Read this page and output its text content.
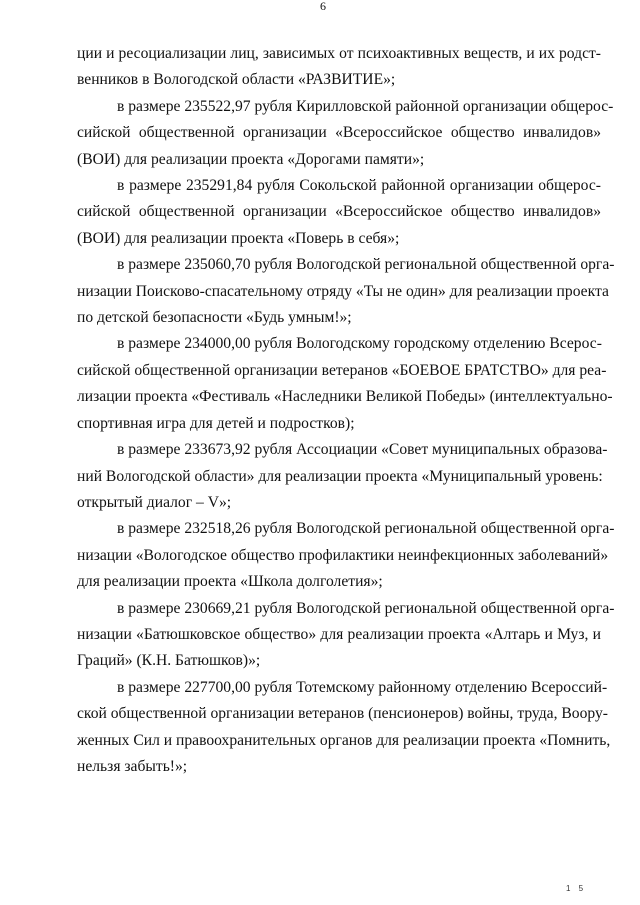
6

ции и ресоциализации лиц, зависимых от психоактивных веществ, и их родст-
венников в Вологодской области «РАЗВИТИЕ»;

в размере 235522,97 рубля Кирилловской районной организации общерос-
сийской общественной организации «Всероссийское общество инвалидов»
(ВОИ) для реализации проекта «Дорогами памяти»;

в размере 235291,84 рубля Сокольской районной организации общерос-
сийской общественной организации «Всероссийское общество инвалидов»
(ВОИ) для реализации проекта «Поверь в себя»;

в размере 235060,70 рубля Вологодской региональной общественной орга-
низации Поисково-спасательному отряду «Ты не один» для реализации проекта
по детской безопасности «Будь умным!»;

в размере 234000,00 рубля Вологодскому городскому отделению Всерос-
сийской общественной организации ветеранов «БОЕВОЕ БРАТСТВО» для реа-
лизации проекта «Фестиваль «Наследники Великой Победы» (интеллектуально-
спортивная игра для детей и подростков);

в размере 233673,92 рубля Ассоциации «Совет муниципальных образова-
ний Вологодской области» для реализации проекта «Муниципальный уровень:
открытый диалог – V»;

в размере 232518,26 рубля Вологодской региональной общественной орга-
низации «Вологодское общество профилактики неинфекционных заболеваний»
для реализации проекта «Школа долголетия»;

в размере 230669,21 рубля Вологодской региональной общественной орга-
низации «Батюшковское общество» для реализации проекта «Алтарь и Муз, и
Граций» (К.Н. Батюшков)»;

в размере 227700,00 рубля Тотемскому районному отделению Всероссий-
ской общественной организации ветеранов (пенсионеров) войны, труда, Воору-
женных Сил и правоохранительных органов для реализации проекта «Помнить,
нельзя забыть!»;

1 5
